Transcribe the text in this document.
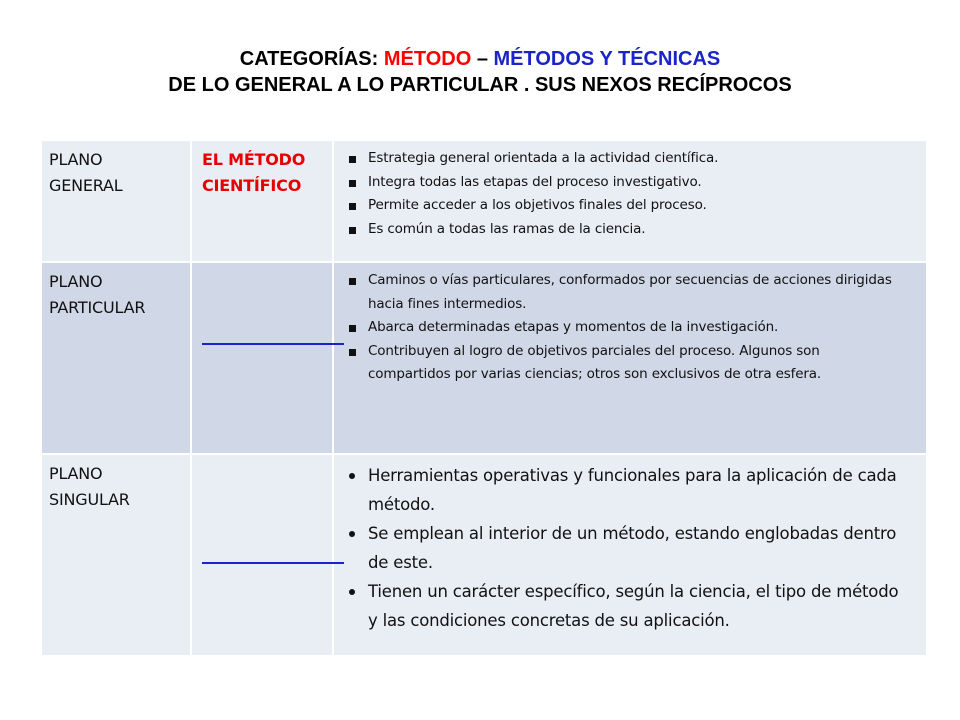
CATEGORÍAS: MÉTODO – MÉTODOS Y TÉCNICAS
DE LO GENERAL A LO PARTICULAR . SUS NEXOS RECÍPROCOS
PLANO
GENERAL
EL MÉTODO
CIENTÍFICO
Estrategia general orientada a la actividad científica.
Integra todas las etapas del proceso investigativo.
Permite acceder a los objetivos finales del proceso.
Es común a todas las ramas de la ciencia.
PLANO
PARTICULAR
Caminos o vías particulares, conformados por secuencias de acciones dirigidas hacia fines intermedios.
Abarca determinadas etapas y momentos de la investigación.
Contribuyen al logro de objetivos parciales del proceso. Algunos son compartidos por varias ciencias; otros son exclusivos de otra esfera.
PLANO
SINGULAR
Herramientas operativas y funcionales para la aplicación de cada método.
Se emplean al interior de un método, estando englobadas dentro de este.
Tienen un carácter específico, según la ciencia, el tipo de método y las condiciones concretas de su aplicación.
